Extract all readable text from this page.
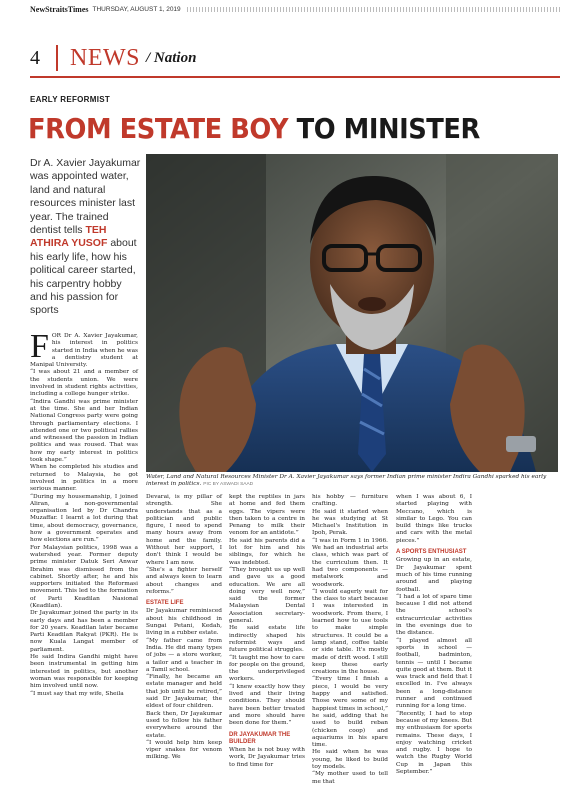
NewStraitsTimes THURSDAY, AUGUST 1, 2019
4	NEWS / Nation
EARLY REFORMIST
FROM ESTATE BOY TO MINISTER
Dr A. Xavier Jayakumar was appointed water, land and natural resources minister last year. The trained dentist tells TEH ATHIRA YUSOF about his early life, how his political career started, his carpentry hobby and his passion for sports
Water, Land and Natural Resources Minister Dr A. Xavier Jayakumar says former Indian prime minister Indira Gandhi sparked his early interest in politics. PIC BY ASWADI SAAD
F OR Dr A. Xavier Jayakumar, his interest in politics started in India when he was a dentistry student at Manipal University.

“I was about 21 and a member of the students union. We were involved in student rights activities, including a college hunger strike.

“Indira Gandhi was prime minister at the time. She and her Indian National Congress party were going through parliamentary elections. I attended one or two political rallies and witnessed the passion in Indian politics and was roused. That was how my early interest in politics took shape.”

When he completed his studies and returned to Malaysia, he got involved in politics in a more serious manner.

“During my housemanship, I joined Aliran, a non-governmental organisation led by Dr Chandra Muzaffar. I learnt a lot during that time, about democracy, governance, how a government operates and how elections are run.”

For Malaysian politics, 1998 was a watershed year. Former deputy prime minister Datuk Seri Anwar Ibrahim was dismissed from the cabinet. Shortly after, he and his supporters initiated the Reformasi movement. This led to the formation of Parti Keadilan Nasional (Keadilan).

Dr Jayakumar joined the party in its early days and has been a member for 20 years. Keadilan later became Parti Keadilan Rakyat (PKR). He is now Kuala Langat member of parliament.

He said Indira Gandhi might have been instrumental in getting him interested in politics, but another woman was responsible for keeping him involved until now.

“I must say that my wife, Sheila

Devarai, is my pillar of strength. She understands that as a politician and public figure, I need to spend many hours away from home and the family. Without her support, I don't think I would be where I am now.

“She's a fighter herself and always keen to learn about changes and reforms.”

ESTATE LIFE

Dr Jayakumar reminisced about his childhood in Sungai Petani, Kedah, living in a rubber estate.

“My father came from India. He did many types of jobs — a store worker, a tailor and a teacher in a Tamil school.

“Finally, he became an estate manager and held that job until he retired,” said Dr Jayakumar, the eldest of four children.

Back then, Dr Jayakumar used to follow his father everywhere around the estate.

“I would help him keep viper snakes for venom milking. We

kept the reptiles in jars at home and fed them eggs. The vipers were then taken to a centre in Penang to milk their venom for an antidote.”

He said his parents did a lot for him and his siblings, for which he was indebted.

“They brought us up well and gave us a good education. We are all doing very well now,” said the former Malaysian Dental Association secretary-general.

He said estate life indirectly shaped his reformist ways and future political struggles.

“It taught me how to care for people on the ground, the underprivileged workers.

“I knew exactly how they lived and their living conditions. They should have been better treated and more should have been done for them.”

DR JAYAKUMAR THE BUILDER

When he is not busy with work, Dr Jayakumar tries to find time for

his hobby — furniture crafting.

He said it started when he was studying at St Michael's Institution in Ipoh, Perak.

“I was in Form 1 in 1966. We had an industrial arts class, which was part of the curriculum then. It had two components — metalwork and woodwork.

“I would eagerly wait for the class to start because I was interested in woodwork. From there, I learned how to use tools to make simple structures. It could be a lamp stand, coffee table or side table. It's mostly made of drift wood. I still keep these early creations in the house.

“Every time I finish a piece, I would be very happy and satisfied. Those were some of my happiest times in school,” he said, adding that he used to build reban (chicken coop) and aquariums in his spare time.

He said when he was young, he liked to build toy models.

“My mother used to tell me that

when I was about 6, I started playing with Meccano, which is similar to Lego. You can build things like trucks and cars with the metal pieces.”

A SPORTS ENTHUSIAST

Growing up in an estate, Dr Jayakumar spent much of his time running around and playing football.

“I had a lot of spare time because I did not attend the school's extracurricular activities in the evenings due to the distance.

“I played almost all sports in school — football, badminton, tennis — until I became quite good at them. But it was track and field that I excelled in. I've always been a long-distance runner and continued running for a long time.

“Recently, I had to stop because of my knees. But my enthusiasm for sports remains. These days, I enjoy watching cricket and rugby. I hope to watch the Rugby World Cup in Japan this September.”
